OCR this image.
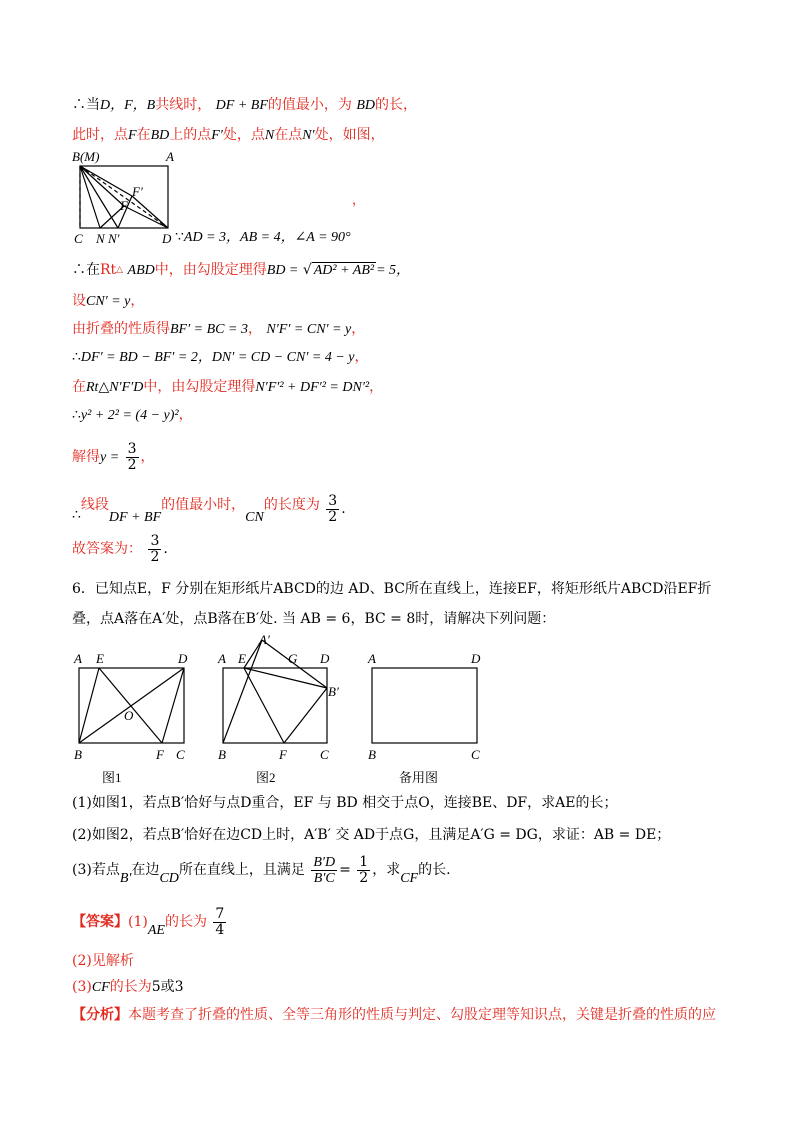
∴当D，F，B共线时， DF + BF的值最小，为 BD的长，
此时，点F在BD上的点F′处，点N在点N′处，如图，
B(M)	A
F′
F
C N N′	D
，
∵AD = 3，AB = 4，∠A = 90°
∴在Rt△ ABD中，由勾股定理得BD = √ AD² + AB² = 5，
设CN′ = y，
由折叠的性质得BF′ = BC = 3， N′F′ = CN′ = y，
∴DF′ = BD − BF′ = 2，DN′ = CD − CN′ = 4 − y，
在Rt△N′F′D中，由勾股定理得N′F′² + DF′² = DN′²，
∴y² + 2² = (4 − y)²，
解得$y = \frac{3}{2}$ ，
∴线段DF + BF的值最小时，CN的长度为 $\frac{3}{2}$ .
故答案为： $\frac{3}{2}$ .
6．已知点E，F 分别在矩形纸片ABCD的边 AD、BC所在直线上，连接EF，将矩形纸片ABCD沿EF折
叠，点A落在A′处，点B落在B′处. 当 AB = 6，BC = 8时，请解决下列问题：
A E	D
O
B	F C
A′
A E	G D
B′
B	F	C
A	D
B	C
图1	图2	备用图
(1)如图1，若点B′恰好与点D重合，EF 与 BD 相交于点O，连接BE、DF，求AE的长；
(2)如图2，若点B′恰好在边CD上时，A′B′ 交 AD于点G，且满足A′G = DG，求证：AB = DE；
(3)若点B′在边CD所在直线上，且满足 $\frac{B'D}{B'C} = \frac{1}{2}$ ，求CF的长.
【答案】(1)AE的长为 $\frac{7}{4}$
(2)见解析
(3)CF的长为5或3
【分析】本题考查了折叠的性质、全等三角形的性质与判定、勾股定理等知识点，关键是折叠的性质的应
